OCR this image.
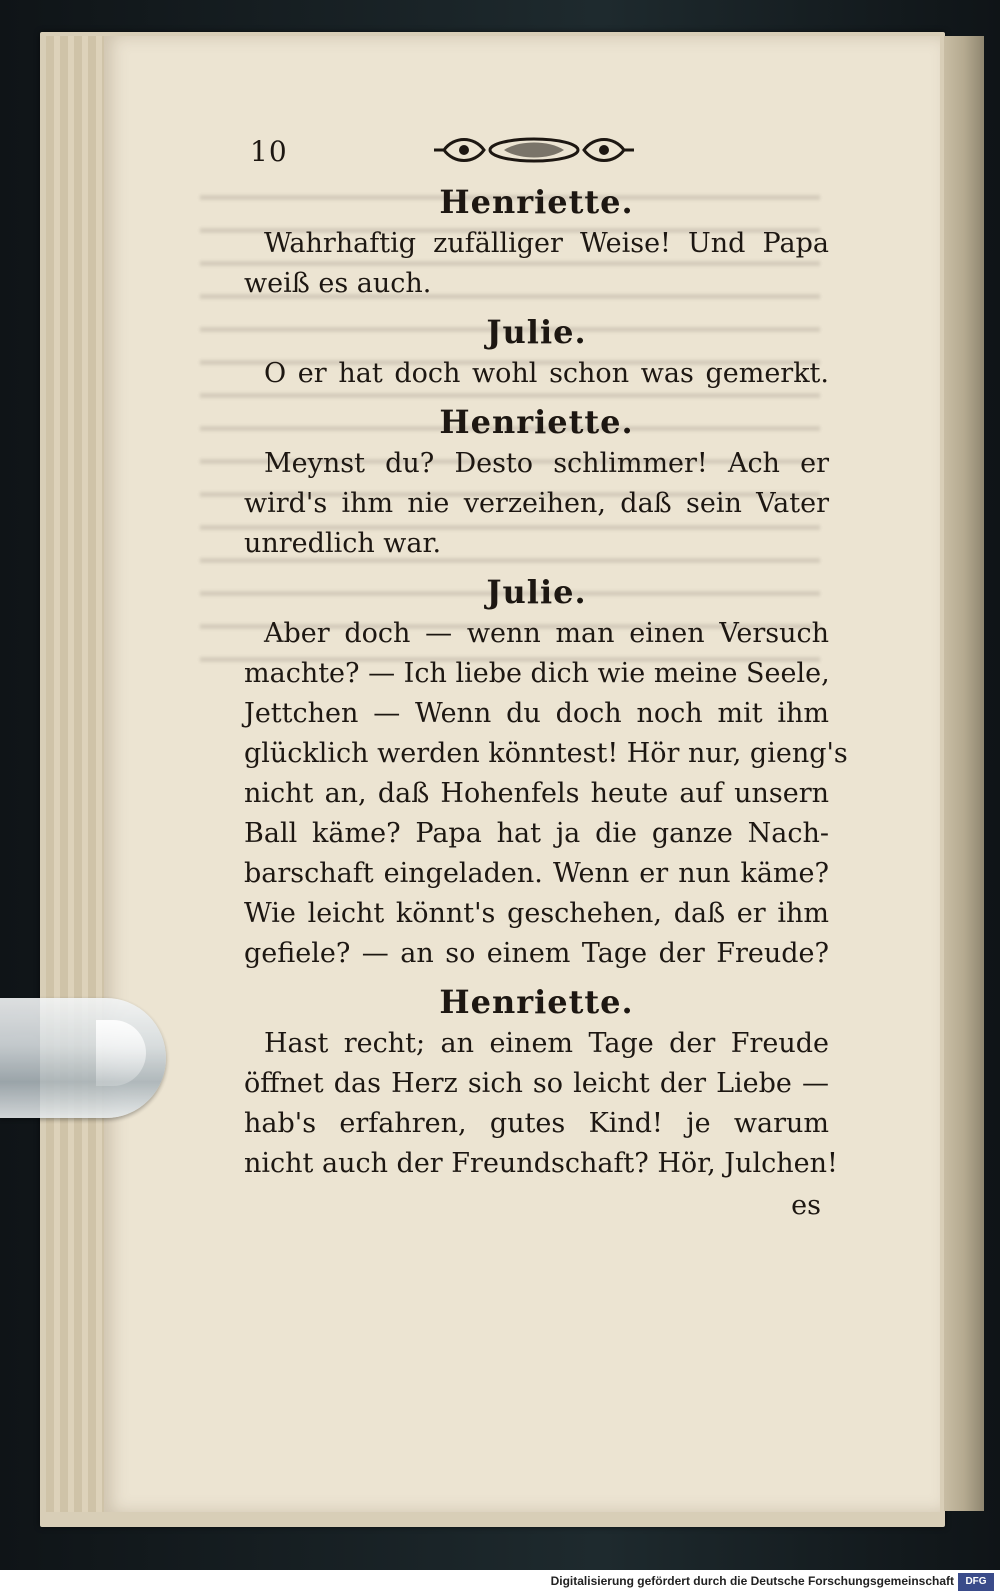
10
Henriette.
Wahrhaftig zufälliger Weise! Und Papa
weiß es auch.
Julie.
O er hat doch wohl schon was gemerkt.
Henriette.
Meynst du? Desto schlimmer! Ach er
wird's ihm nie verzeihen, daß sein Vater
unredlich war.
Julie.
Aber doch — wenn man einen Versuch
machte? — Ich liebe dich wie meine Seele,
Jettchen — Wenn du doch noch mit ihm
glücklich werden könntest! Hör nur, gieng's
nicht an, daß Hohenfels heute auf unsern
Ball käme? Papa hat ja die ganze Nach-
barschaft eingeladen. Wenn er nun käme?
Wie leicht könnt's geschehen, daß er ihm
gefiele? — an so einem Tage der Freude?
Henriette.
Hast recht; an einem Tage der Freude
öffnet das Herz sich so leicht der Liebe —
hab's erfahren, gutes Kind! je warum
nicht auch der Freundschaft? Hör, Julchen!
es
Digitalisierung gefördert durch die Deutsche Forschungsgemeinschaft	DFG
